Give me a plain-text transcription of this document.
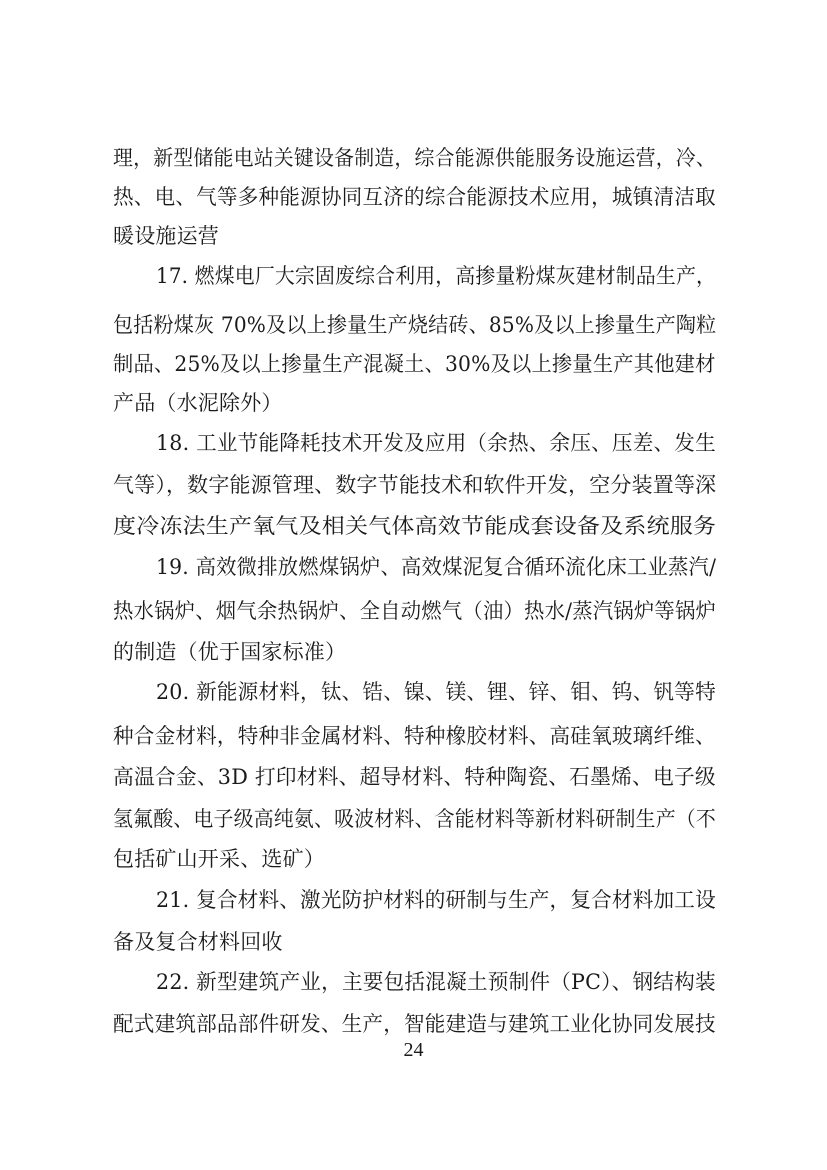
理，新型储能电站关键设备制造，综合能源供能服务设施运营，冷、
热、电、气等多种能源协同互济的综合能源技术应用，城镇清洁取
暖设施运营
17. 燃煤电厂大宗固废综合利用，高掺量粉煤灰建材制品生产，
包括粉煤灰 70%及以上掺量生产烧结砖、85%及以上掺量生产陶粒
制品、25%及以上掺量生产混凝土、30%及以上掺量生产其他建材
产品（水泥除外）
18. 工业节能降耗技术开发及应用（余热、余压、压差、发生
气等），数字能源管理、数字节能技术和软件开发，空分装置等深
度冷冻法生产氧气及相关气体高效节能成套设备及系统服务
19. 高效微排放燃煤锅炉、高效煤泥复合循环流化床工业蒸汽/
热水锅炉、烟气余热锅炉、全自动燃气（油）热水/蒸汽锅炉等锅炉
的制造（优于国家标准）
20. 新能源材料，钛、锆、镍、镁、锂、锌、钼、钨、钒等特
种合金材料，特种非金属材料、特种橡胶材料、高硅氧玻璃纤维、
高温合金、3D 打印材料、超导材料、特种陶瓷、石墨烯、电子级
氢氟酸、电子级高纯氨、吸波材料、含能材料等新材料研制生产（不
包括矿山开采、选矿）
21. 复合材料、激光防护材料的研制与生产，复合材料加工设
备及复合材料回收
22. 新型建筑产业，主要包括混凝土预制件（PC）、钢结构装
配式建筑部品部件研发、生产，智能建造与建筑工业化协同发展技
24
